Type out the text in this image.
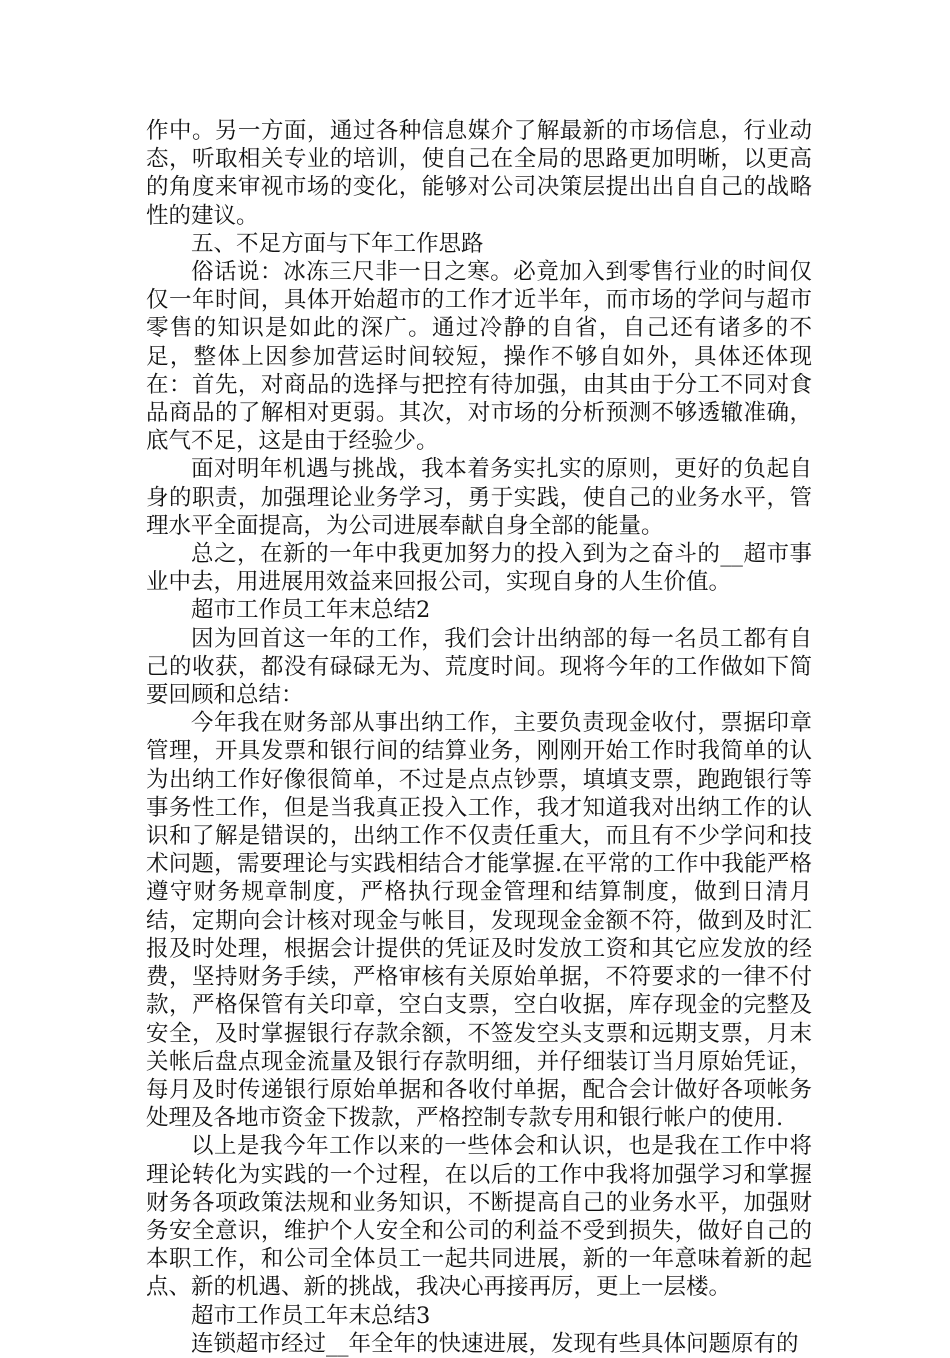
作中。另一方面，通过各种信息媒介了解最新的市场信息，行业动态，听取相关专业的培训，使自己在全局的思路更加明晰，以更高的角度来审视市场的变化，能够对公司决策层提出出自自己的战略性的建议。

五、不足方面与下年工作思路

俗话说：冰冻三尺非一日之寒。必竟加入到零售行业的时间仅仅一年时间，具体开始超市的工作才近半年，而市场的学问与超市零售的知识是如此的深广。通过冷静的自省，自己还有诸多的不足，整体上因参加营运时间较短，操作不够自如外，具体还体现在：首先，对商品的选择与把控有待加强，由其由于分工不同对食品商品的了解相对更弱。其次，对市场的分析预测不够透辙准确，底气不足，这是由于经验少。

面对明年机遇与挑战，我本着务实扎实的原则，更好的负起自身的职责，加强理论业务学习，勇于实践，使自己的业务水平，管理水平全面提高，为公司进展奉献自身全部的能量。

总之，在新的一年中我更加努力的投入到为之奋斗的__超市事业中去，用进展用效益来回报公司，实现自身的人生价值。

超市工作员工年末总结2

因为回首这一年的工作，我们会计出纳部的每一名员工都有自己的收获，都没有碌碌无为、荒度时间。现将今年的工作做如下简要回顾和总结：

今年我在财务部从事出纳工作，主要负责现金收付，票据印章管理，开具发票和银行间的结算业务，刚刚开始工作时我简单的认为出纳工作好像很简单，不过是点点钞票，填填支票，跑跑银行等事务性工作，但是当我真正投入工作，我才知道我对出纳工作的认识和了解是错误的，出纳工作不仅责任重大，而且有不少学问和技术问题，需要理论与实践相结合才能掌握.在平常的工作中我能严格遵守财务规章制度，严格执行现金管理和结算制度，做到日清月结，定期向会计核对现金与帐目，发现现金金额不符，做到及时汇报及时处理，根据会计提供的凭证及时发放工资和其它应发放的经费，坚持财务手续，严格审核有关原始单据，不符要求的一律不付款，严格保管有关印章，空白支票，空白收据，库存现金的完整及安全，及时掌握银行存款余额，不签发空头支票和远期支票，月末关帐后盘点现金流量及银行存款明细，并仔细装订当月原始凭证，每月及时传递银行原始单据和各收付单据，配合会计做好各项帐务处理及各地市资金下拨款，严格控制专款专用和银行帐户的使用.

以上是我今年工作以来的一些体会和认识，也是我在工作中将理论转化为实践的一个过程，在以后的工作中我将加强学习和掌握财务各项政策法规和业务知识，不断提高自己的业务水平，加强财务安全意识，维护个人安全和公司的利益不受到损失，做好自己的本职工作，和公司全体员工一起共同进展，新的一年意味着新的起点、新的机遇、新的挑战，我决心再接再厉，更上一层楼。

超市工作员工年末总结3

连锁超市经过__年全年的快速进展，发现有些具体问题原有的
